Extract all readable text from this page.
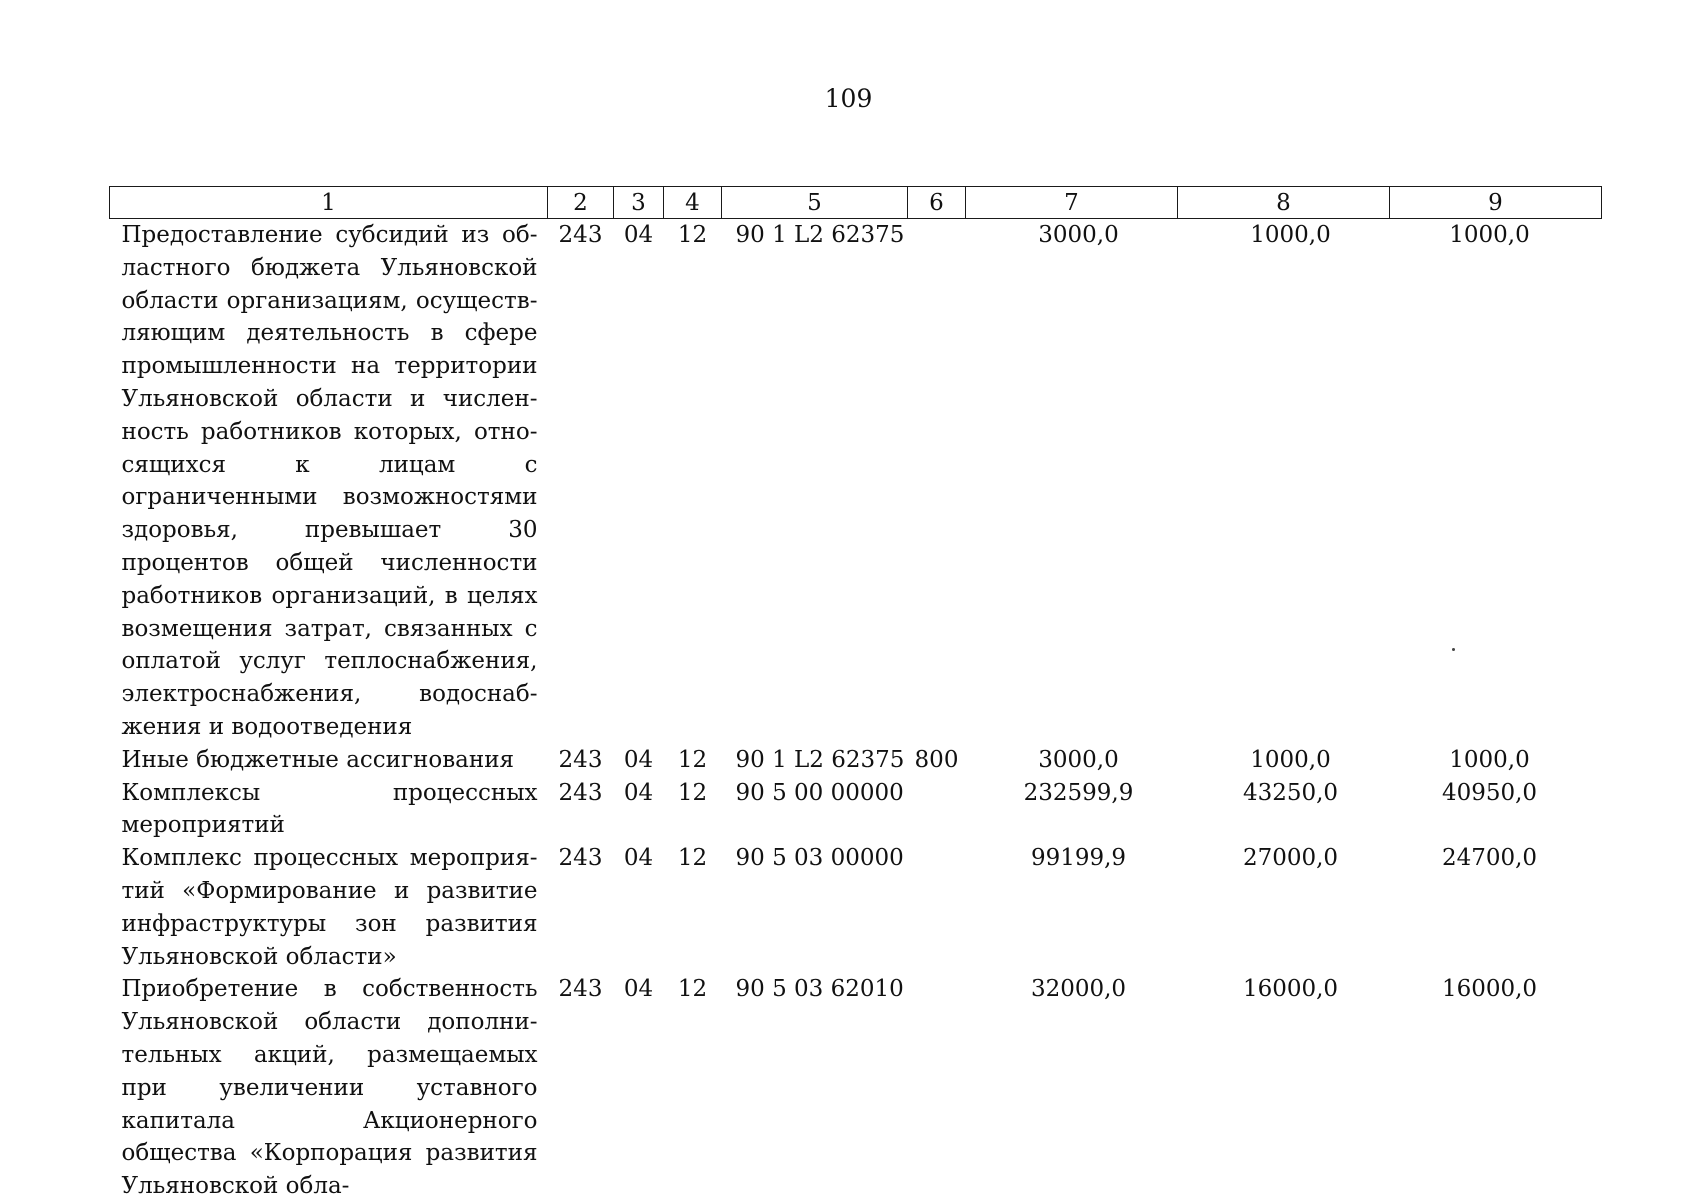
109
1	2	3	4	5	6	7	8	9
Предоставление субсидий из областного бюджета Ульяновской области организациям, осуществляющим деятельность в сфере промышленности на территории Ульяновской области и численность работников которых, относящихся к лицам с ограниченными возможностями здоровья, превышает 30 процентов общей численности работников организаций, в целях возмещения затрат, связанных с оплатой услуг теплоснабжения, электроснабжения, водоснабжения и водоотведения	243	04	12	90 1 L2 62375		3000,0	1000,0	1000,0
Иные бюджетные ассигнования	243	04	12	90 1 L2 62375	800	3000,0	1000,0	1000,0
Комплексы процессных мероприятий	243	04	12	90 5 00 00000		232599,9	43250,0	40950,0
Комплекс процессных мероприятий «Формирование и развитие инфраструктуры зон развития Ульяновской области»	243	04	12	90 5 03 00000		99199,9	27000,0	24700,0
Приобретение в собственность Ульяновской области дополнительных акций, размещаемых при увеличении уставного капитала Акционерного общества «Корпорация развития Ульяновской обла-	243	04	12	90 5 03 62010		32000,0	16000,0	16000,0
